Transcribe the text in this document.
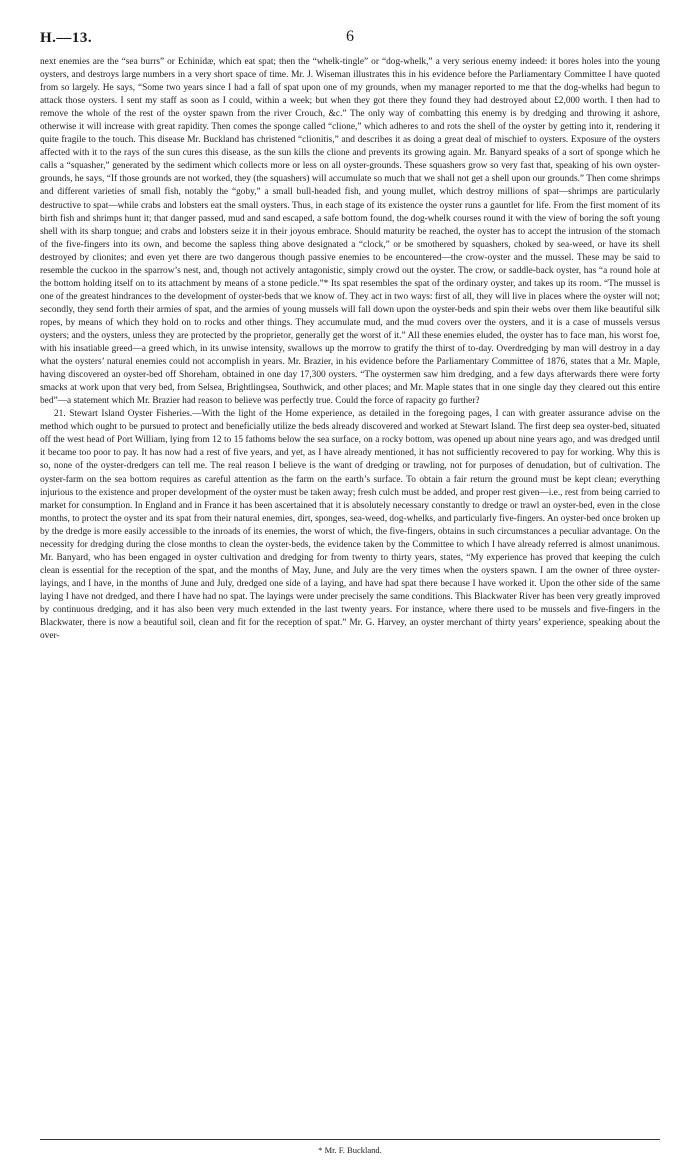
H.—13.	6

next enemies are the “sea burrs” or Echinidæ, which eat spat; then the “whelk-tingle” or “dog-whelk,” a very serious enemy indeed: it bores holes into the young oysters, and destroys large numbers in a very short space of time. Mr. J. Wiseman illustrates this in his evidence before the Parliamentary Committee I have quoted from so largely. He says, “Some two years since I had a fall of spat upon one of my grounds, when my manager reported to me that the dog-whelks had begun to attack those oysters. I sent my staff as soon as I could, within a week; but when they got there they found they had destroyed about £2,000 worth. I then had to remove the whole of the rest of the oyster spawn from the river Crouch, &c.” The only way of combatting this enemy is by dredging and throwing it ashore, otherwise it will increase with great rapidity. Then comes the sponge called “clione,” which adheres to and rots the shell of the oyster by getting into it, rendering it quite fragile to the touch. This disease Mr. Buckland has christened “clionitis,” and describes it as doing a great deal of mischief to oysters. Exposure of the oysters affected with it to the rays of the sun cures this disease, as the sun kills the clione and prevents its growing again. Mr. Banyard speaks of a sort of sponge which he calls a “squasher,” generated by the sediment which collects more or less on all oyster-grounds. These squashers grow so very fast that, speaking of his own oyster-grounds, he says, “If those grounds are not worked, they (the squashers) will accumulate so much that we shall not get a shell upon our grounds.” Then come shrimps and different varieties of small fish, notably the “goby,” a small bull-headed fish, and young mullet, which destroy millions of spat—shrimps are particularly destructive to spat—while crabs and lobsters eat the small oysters. Thus, in each stage of its existence the oyster runs a gauntlet for life. From the first moment of its birth fish and shrimps hunt it; that danger passed, mud and sand escaped, a safe bottom found, the dog-whelk courses round it with the view of boring the soft young shell with its sharp tongue; and crabs and lobsters seize it in their joyous embrace. Should maturity be reached, the oyster has to accept the intrusion of the stomach of the five-fingers into its own, and become the sapless thing above designated a “clock,” or be smothered by squashers, choked by sea-weed, or have its shell destroyed by clionites; and even yet there are two dangerous though passive enemies to be encountered—the crow-oyster and the mussel. These may be said to resemble the cuckoo in the sparrow’s nest, and, though not actively antagonistic, simply crowd out the oyster. The crow, or saddle-back oyster, has “a round hole at the bottom holding itself on to its attachment by means of a stone pedicle.”* Its spat resembles the spat of the ordinary oyster, and takes up its room. “The mussel is one of the greatest hindrances to the development of oyster-beds that we know of. They act in two ways: first of all, they will live in places where the oyster will not; secondly, they send forth their armies of spat, and the armies of young mussels will fall down upon the oyster-beds and spin their webs over them like beautiful silk ropes, by means of which they hold on to rocks and other things. They accumulate mud, and the mud covers over the oysters, and it is a case of mussels versus oysters; and the oysters, unless they are protected by the proprietor, generally get the worst of it.” All these enemies eluded, the oyster has to face man, his worst foe, with his insatiable greed—a greed which, in its unwise intensity, swallows up the morrow to gratify the thirst of to-day. Overdredging by man will destroy in a day what the oysters’ natural enemies could not accomplish in years. Mr. Brazier, in his evidence before the Parliamentary Committee of 1876, states that a Mr. Maple, having discovered an oyster-bed off Shoreham, obtained in one day 17,300 oysters. “The oystermen saw him dredging, and a few days afterwards there were forty smacks at work upon that very bed, from Selsea, Brightlingsea, Southwick, and other places; and Mr. Maple states that in one single day they cleared out this entire bed”—a statement which Mr. Brazier had reason to believe was perfectly true. Could the force of rapacity go further?

21. Stewart Island Oyster Fisheries.—With the light of the Home experience, as detailed in the foregoing pages, I can with greater assurance advise on the method which ought to be pursued to protect and beneficially utilize the beds already discovered and worked at Stewart Island. The first deep sea oyster-bed, situated off the west head of Port William, lying from 12 to 15 fathoms below the sea surface, on a rocky bottom, was opened up about nine years ago, and was dredged until it became too poor to pay. It has now had a rest of five years, and yet, as I have already mentioned, it has not sufficiently recovered to pay for working. Why this is so, none of the oyster-dredgers can tell me. The real reason I believe is the want of dredging or trawling, not for purposes of denudation, but of cultivation. The oyster-farm on the sea bottom requires as careful attention as the farm on the earth’s surface. To obtain a fair return the ground must be kept clean; everything injurious to the existence and proper development of the oyster must be taken away; fresh culch must be added, and proper rest given—i.e., rest from being carried to market for consumption. In England and in France it has been ascertained that it is absolutely necessary constantly to dredge or trawl an oyster-bed, even in the close months, to protect the oyster and its spat from their natural enemies, dirt, sponges, sea-weed, dog-whelks, and particularly five-fingers. An oyster-bed once broken up by the dredge is more easily accessible to the inroads of its enemies, the worst of which, the five-fingers, obtains in such circumstances a peculiar advantage. On the necessity for dredging during the close months to clean the oyster-beds, the evidence taken by the Committee to which I have already referred is almost unanimous. Mr. Banyard, who has been engaged in oyster cultivation and dredging for from twenty to thirty years, states, “My experience has proved that keeping the culch clean is essential for the reception of the spat, and the months of May, June, and July are the very times when the oysters spawn. I am the owner of three oyster-layings, and I have, in the months of June and July, dredged one side of a laying, and have had spat there because I have worked it. Upon the other side of the same laying I have not dredged, and there I have had no spat. The layings were under precisely the same conditions. This Blackwater River has been very greatly improved by continuous dredging, and it has also been very much extended in the last twenty years. For instance, where there used to be mussels and five-fingers in the Blackwater, there is now a beautiful soil, clean and fit for the reception of spat.” Mr. G. Harvey, an oyster merchant of thirty years’ experience, speaking about the over-

* Mr. F. Buckland.
